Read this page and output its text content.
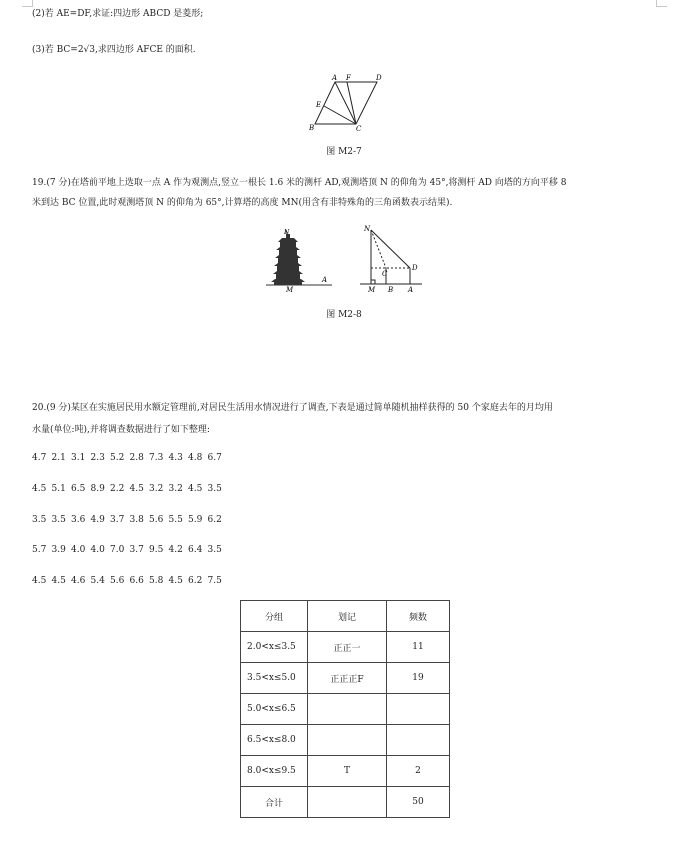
(2)若 AE=DF,求证:四边形 ABCD 是菱形;
(3)若 BC=2√3,求四边形 AFCE 的面积.
A F	D
E
B	C
图 M2-7
19.(7 分)在塔前平地上选取一点 A 作为观测点,竖立一根长 1.6 米的测杆 AD,观测塔顶 N 的仰角为 45°,将测杆 AD 向塔的方向平移 8
米到达 BC 位置,此时观测塔顶 N 的仰角为 65°,计算塔的高度 MN(用含有非特殊角的三角函数表示结果).
N
A
M
N
C
D
M B A
图 M2-8
20.(9 分)某区在实施居民用水额定管理前,对居民生活用水情况进行了调查,下表是通过简单随机抽样获得的 50 个家庭去年的月均用
水量(单位:吨),并将调查数据进行了如下整理:
4.7 2.1 3.1 2.3 5.2 2.8 7.3 4.3 4.8 6.7
4.5 5.1 6.5 8.9 2.2 4.5 3.2 3.2 4.5 3.5
3.5 3.5 3.6 4.9 3.7 3.8 5.6 5.5 5.9 6.2
5.7 3.9 4.0 4.0 7.0 3.7 9.5 4.2 6.4 3.5
4.5 4.5 4.6 5.4 5.6 6.6 5.8 4.5 6.2 7.5
分组	划记	频数
2.0<x≤3.5	正正一	11
3.5<x≤5.0	正正正F	19
5.0<x≤6.5		
6.5<x≤8.0		
8.0<x≤9.5	T	2
合计		50
